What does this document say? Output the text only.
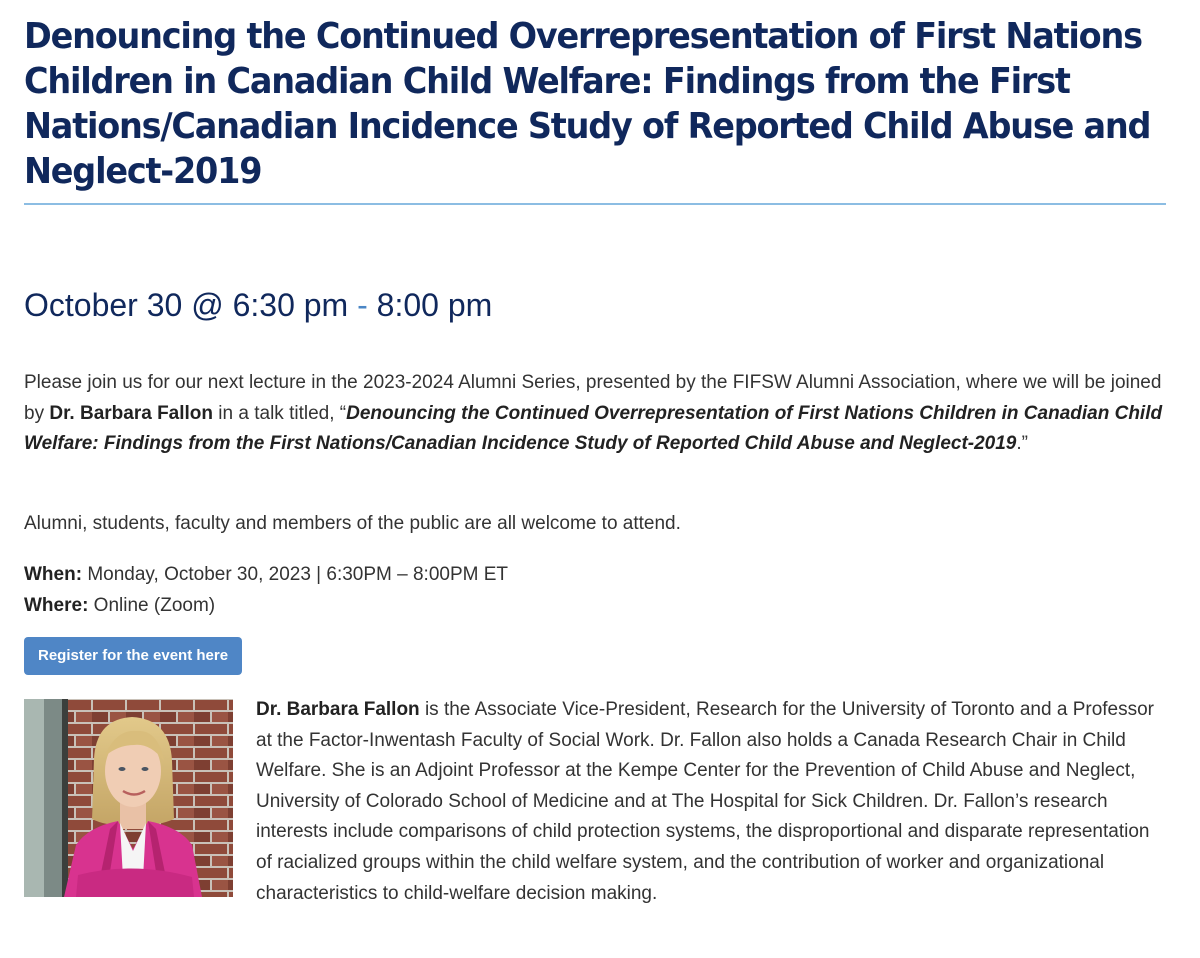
Denouncing the Continued Overrepresentation of First Nations
Children in Canadian Child Welfare: Findings from the First
Nations/Canadian Incidence Study of Reported Child Abuse and
Neglect-2019
October 30 @ 6:30 pm - 8:00 pm

Please join us for our next lecture in the 2023-2024 Alumni Series, presented by the FIFSW Alumni Association, where we will be joined by Dr. Barbara Fallon in a talk titled, “Denouncing the Continued Overrepresentation of First Nations Children in Canadian Child Welfare: Findings from the First Nations/Canadian Incidence Study of Reported Child Abuse and Neglect-2019.”

Alumni, students, faculty and members of the public are all welcome to attend.

When: Monday, October 30, 2023 | 6:30PM – 8:00PM ET
Where: Online (Zoom)
Register for the event here

Dr. Barbara Fallon is the Associate Vice-President, Research for the University of Toronto and a Professor at the Factor-Inwentash Faculty of Social Work. Dr. Fallon also holds a Canada Research Chair in Child Welfare. She is an Adjoint Professor at the Kempe Center for the Prevention of Child Abuse and Neglect, University of Colorado School of Medicine and at The Hospital for Sick Children. Dr. Fallon’s research interests include comparisons of child protection systems, the disproportional and disparate representation of racialized groups within the child welfare system, and the contribution of worker and organizational characteristics to child-welfare decision making.
